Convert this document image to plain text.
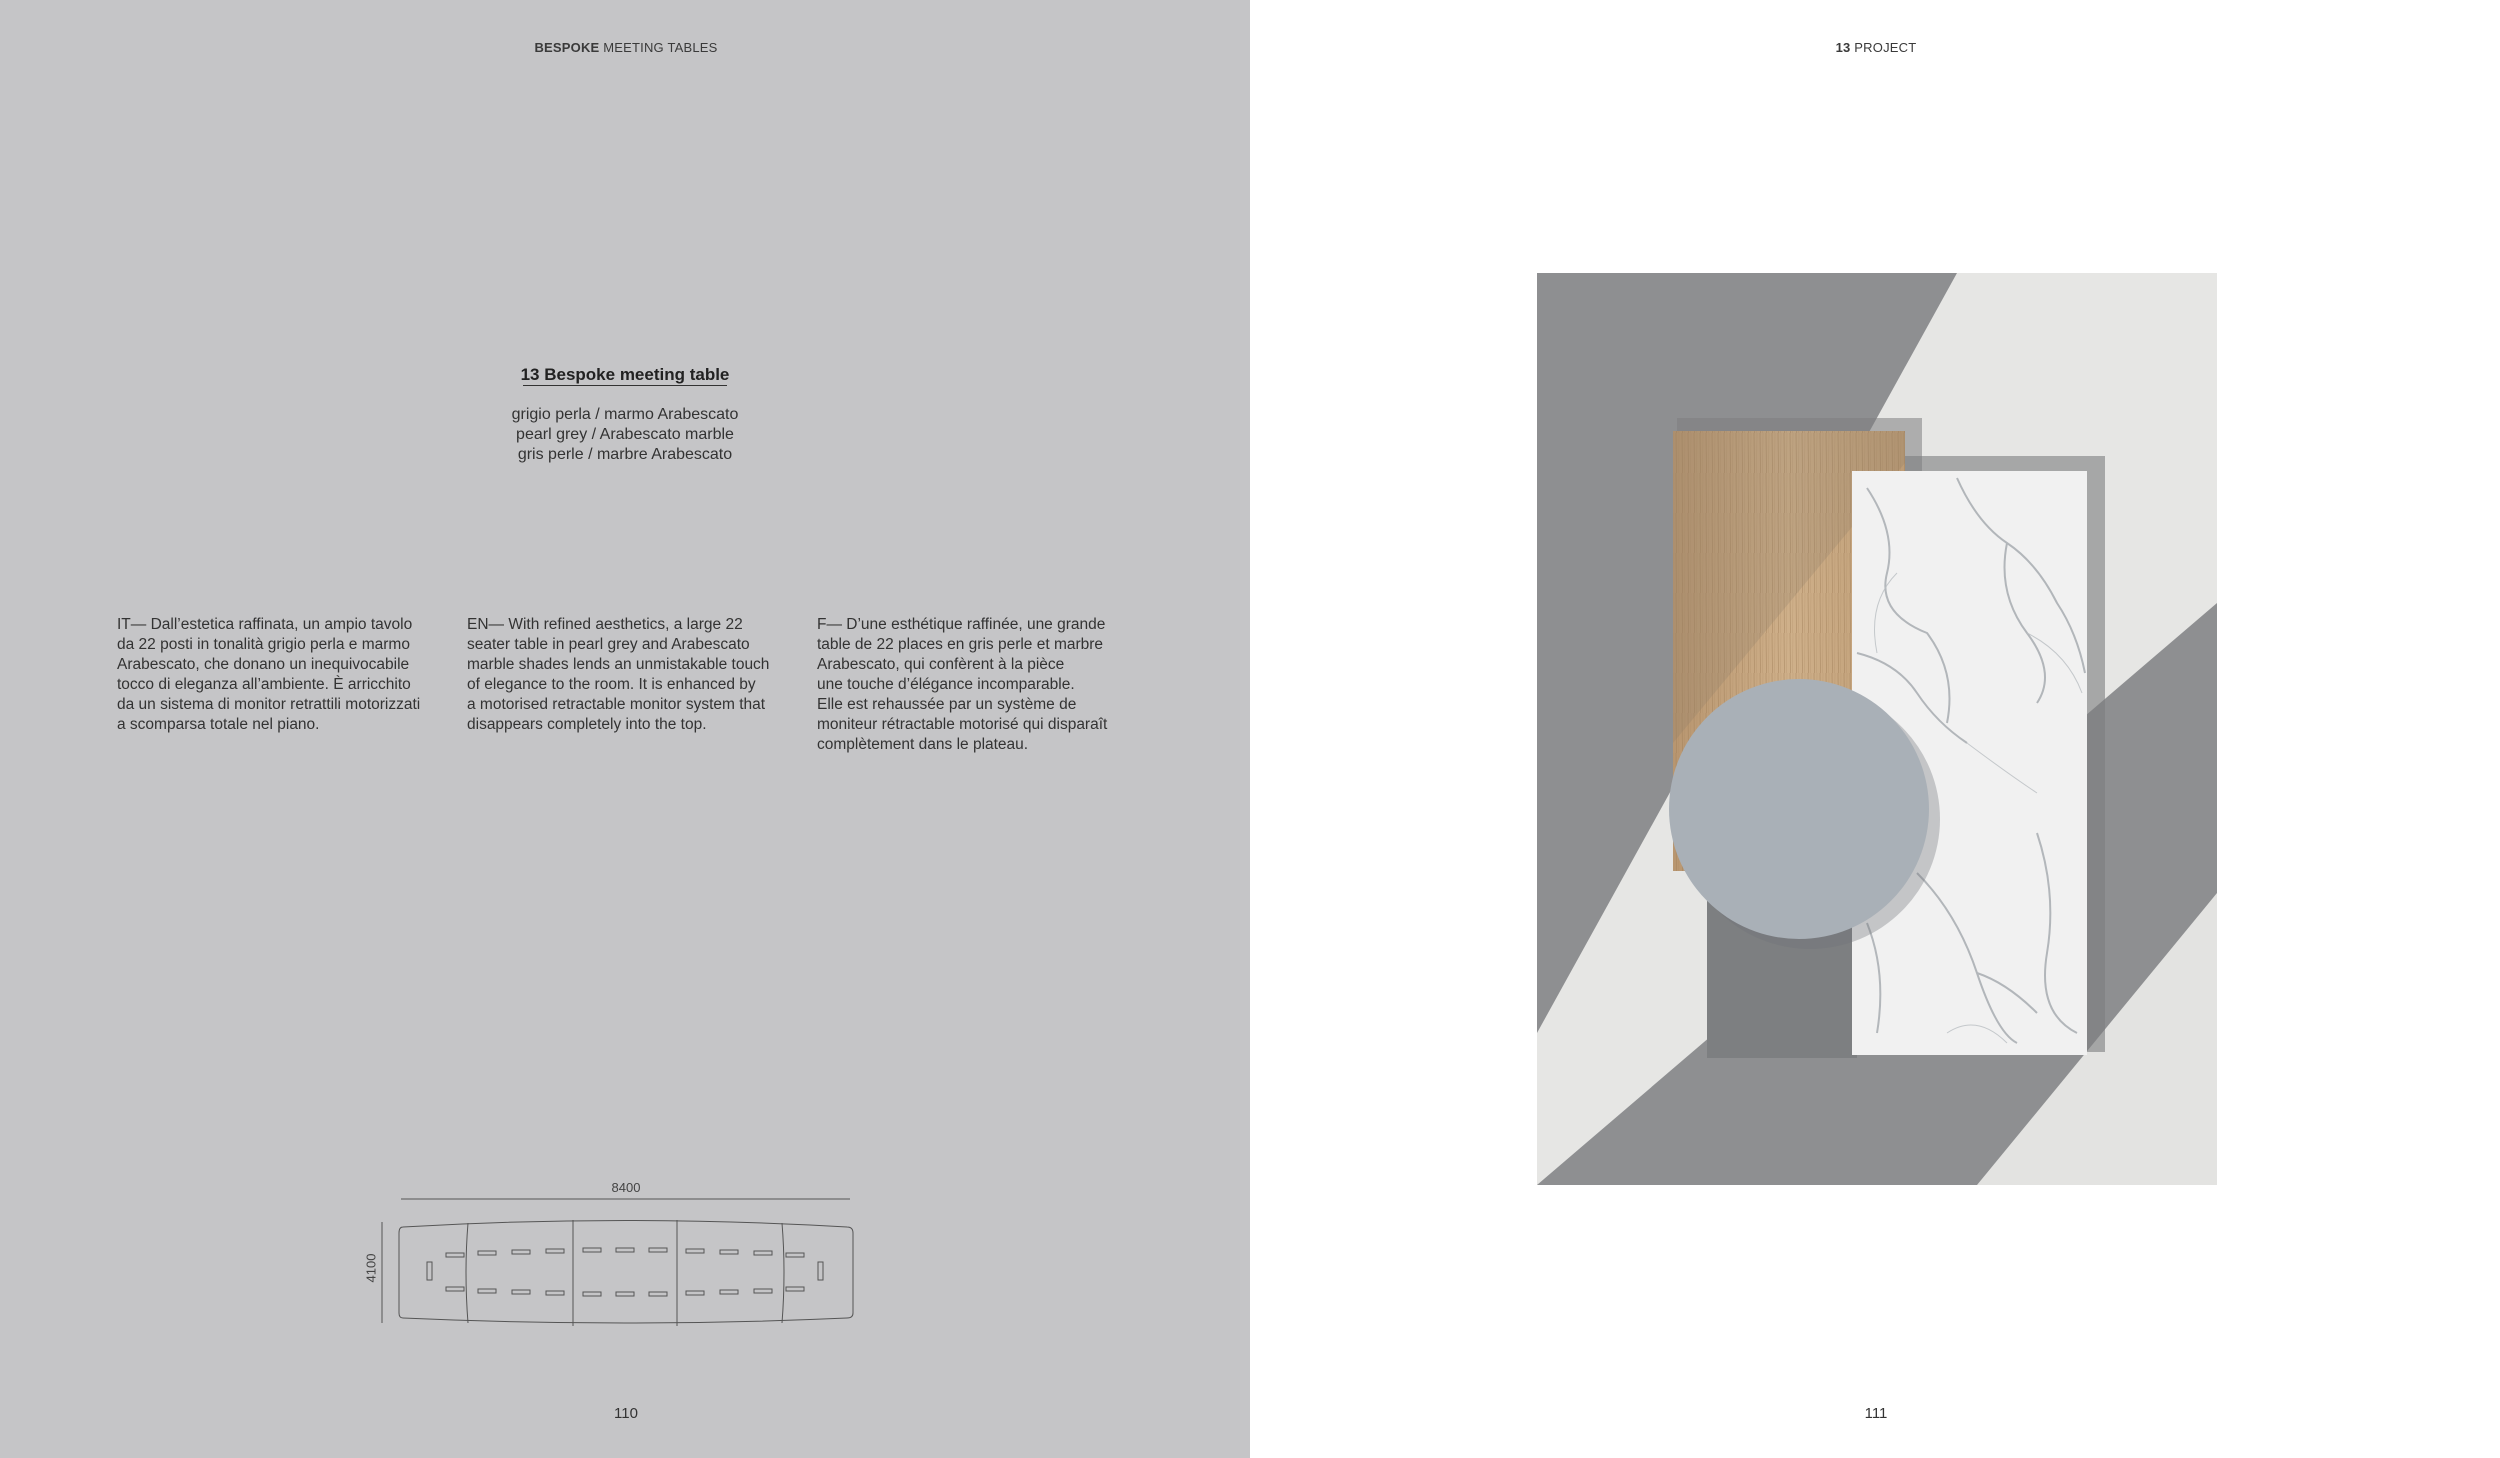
BESPOKE MEETING TABLES
13 Bespoke meeting table
grigio perla / marmo Arabescato
pearl grey / Arabescato marble
gris perle / marbre Arabescato
IT— Dall’estetica raffinata, un ampio tavolo
da 22 posti in tonalità grigio perla e marmo
Arabescato, che donano un inequivocabile
tocco di eleganza all’ambiente. È arricchito
da un sistema di monitor retrattili motorizzati
a scomparsa totale nel piano.
EN— With refined aesthetics, a large 22
seater table in pearl grey and Arabescato
marble shades lends an unmistakable touch
of elegance to the room. It is enhanced by
a motorised retractable monitor system that
disappears completely into the top.
F— D’une esthétique raffinée, une grande
table de 22 places en gris perle et marbre
Arabescato, qui confèrent à la pièce
une touche d’élégance incomparable.
Elle est rehaussée par un système de
moniteur rétractable motorisé qui disparaît
complètement dans le plateau.
8400
4100
110
13 PROJECT
111
